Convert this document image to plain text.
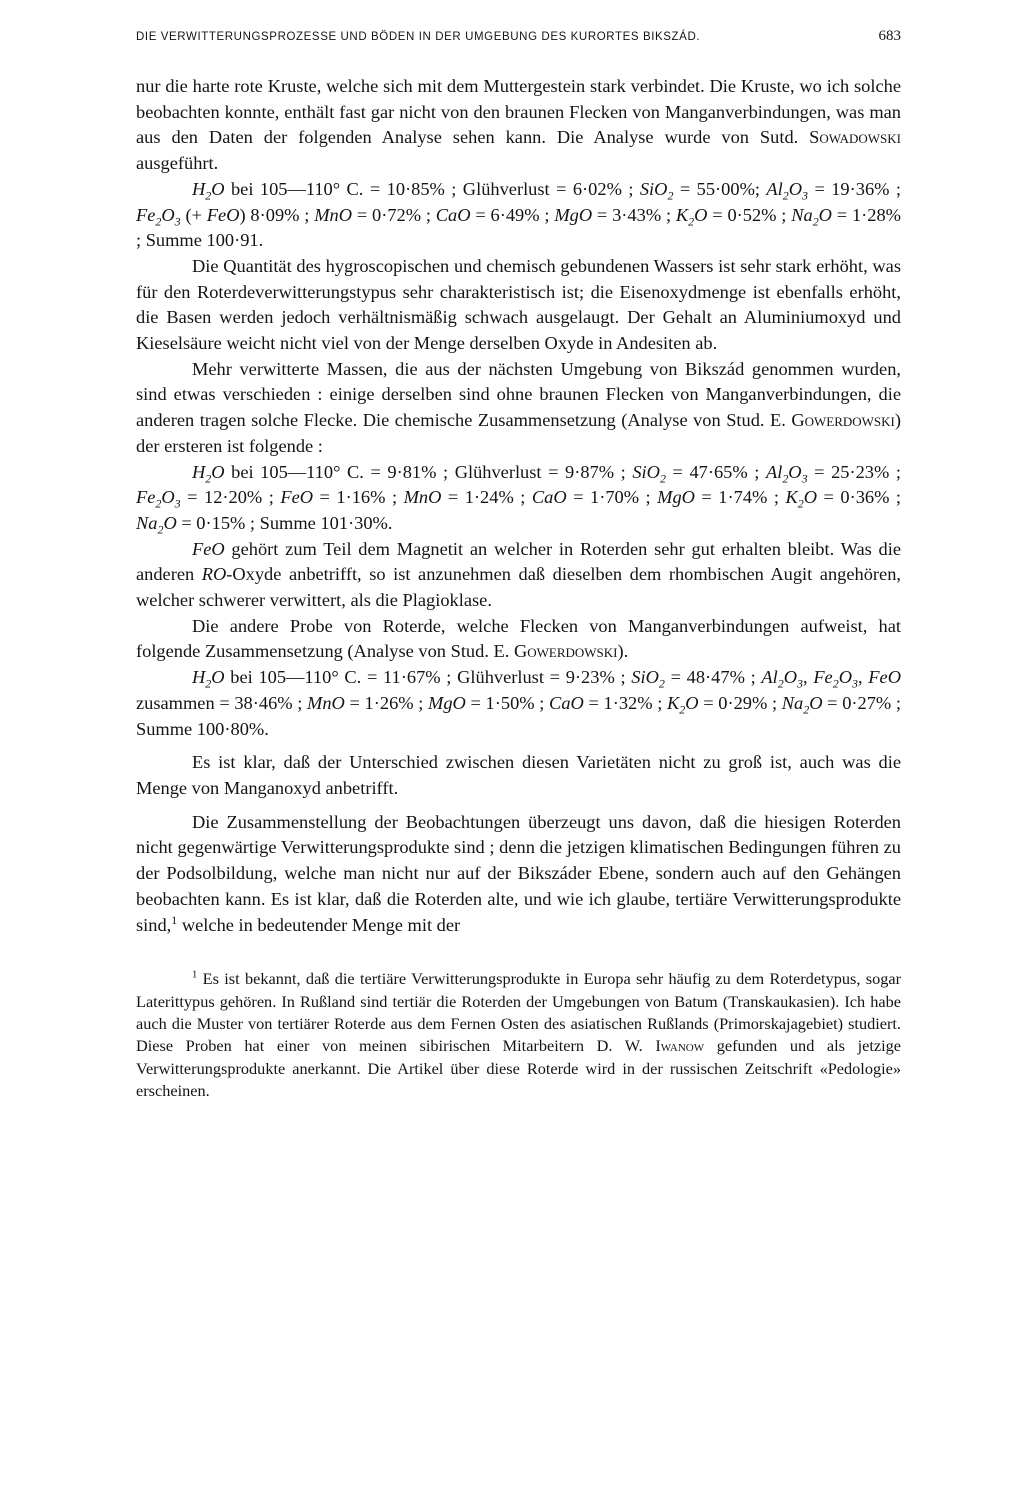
DIE VERWITTERUNGSPROZESSE UND BÖDEN IN DER UMGEBUNG DES KURORTES BIKSZÁD.	683

nur die harte rote Kruste, welche sich mit dem Muttergestein stark verbindet. Die Kruste, wo ich solche beobachten konnte, enthält fast gar nicht von den braunen Flecken von Manganverbindungen, was man aus den Daten der folgenden Analyse sehen kann. Die Analyse wurde von Sutd. Sowadowski ausgeführt.

$H_2O$ bei 105—110° C. = 10·85% ; Glühverlust = 6·02% ; SiO$_2$ = 55·00%; $Al_2O_3 = 19\cdot 36\%$ ; $Fe_2O_3$ (+ FeO) 8·09% ; MnO = 0·72% ; CaO = 6·49% ; MgO = 3·43% ; $K_2O = 0\cdot 52\%$ ; $Na_2O = 1\cdot 28\%$ ; Summe 100·91.

Die Quantität des hygroscopischen und chemisch gebundenen Wassers ist sehr stark erhöht, was für den Roterdeverwitterungstypus sehr charakteristisch ist; die Eisenoxydmenge ist ebenfalls erhöht, die Basen werden jedoch verhältnismäßig schwach ausgelaugt. Der Gehalt an Aluminiumoxyd und Kieselsäure weicht nicht viel von der Menge derselben Oxyde in Andesiten ab.

Mehr verwitterte Massen, die aus der nächsten Umgebung von Bikszád genommen wurden, sind etwas verschieden : einige derselben sind ohne braunen Flecken von Manganverbindungen, die anderen tragen solche Flecke. Die chemische Zusammensetzung (Analyse von Stud. E. Gowerdowski) der ersteren ist folgende :

$H_2O$ bei 105—110° C. = 9·81% ; Glühverlust = 9·87% ; SiO$_2$ = 47·65% ; $Al_2O_3 = 25\cdot 23\%$ ; $Fe_2O_3 = 12\cdot 20\%$ ; FeO = 1·16% ; MnO = 1·24% ; CaO = 1·70% ; MgO = 1·74% ; $K_2O = 0\cdot 36\%$ ; $Na_2O = 0\cdot 15\%$ ; Summe 101·30%.

FeO gehört zum Teil dem Magnetit an welcher in Roterden sehr gut erhalten bleibt. Was die anderen RO-Oxyde anbetrifft, so ist anzunehmen daß dieselben dem rhombischen Augit angehören, welcher schwerer verwittert, als die Plagioklase.

Die andere Probe von Roterde, welche Flecken von Manganverbindungen aufweist, hat folgende Zusammensetzung (Analyse von Stud. E. Gowerdowski).

$H_2O$ bei 105—110° C. = 11·67% ; Glühverlust = 9·23% ; SiO$_2$ = 48·47% ; $Al_2O_3$, $Fe_2O_3$, FeO zusammen = 38·46% ; MnO = 1·26% ; MgO = 1·50% ; CaO = 1·32% ; $K_2O = 0\cdot 29\%$ ; $Na_2O = 0\cdot 27\%$ ; Summe 100·80%.

Es ist klar, daß der Unterschied zwischen diesen Varietäten nicht zu groß ist, auch was die Menge von Manganoxyd anbetrifft.

Die Zusammenstellung der Beobachtungen überzeugt uns davon, daß die hiesigen Roterden nicht gegenwärtige Verwitterungsprodukte sind ; denn die jetzigen klimatischen Bedingungen führen zu der Podsolbildung, welche man nicht nur auf der Bikszáder Ebene, sondern auch auf den Gehängen beobachten kann. Es ist klar, daß die Roterden alte, und wie ich glaube, tertiäre Verwitterungsprodukte sind,$^1$ welche in bedeutender Menge mit der

$^1$ Es ist bekannt, daß die tertiäre Verwitterungsprodukte in Europa sehr häufig zu dem Roterdetypus, sogar Laterittypus gehören. In Rußland sind tertiär die Roterden der Umgebungen von Batum (Transkaukasien). Ich habe auch die Muster von tertiärer Roterde aus dem Fernen Osten des asiatischen Rußlands (Primorskajagebiet) studiert. Diese Proben hat einer von meinen sibirischen Mitarbeitern D. W. Iwanow gefunden und als jetzige Verwitterungsprodukte anerkannt. Die Artikel über diese Roterde wird in der russischen Zeitschrift «Pedologie» erscheinen.
